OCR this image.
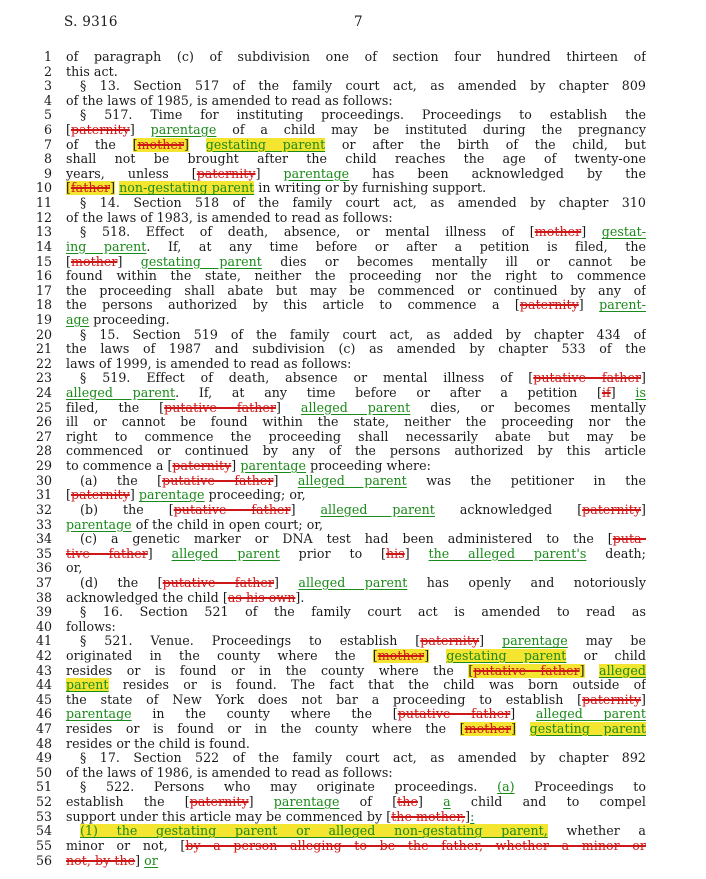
S. 9316	7
1 of paragraph (c) of subdivision one of section four hundred thirteen of
2 this act.
3	§ 13. Section 517 of the family court act, as amended by chapter 809
4 of the laws of 1985, is amended to read as follows:
5	§ 517. Time for instituting proceedings. Proceedings to establish the
6 [paternity] parentage of a child may be instituted during the pregnancy
7 of the [mother] gestating parent or after the birth of the child, but
8 shall not be brought after the child reaches the age of twenty-one
9 years, unless [paternity] parentage has been acknowledged by the
10 [father] non-gestating parent in writing or by furnishing support.
11	§ 14. Section 518 of the family court act, as amended by chapter 310
12 of the laws of 1983, is amended to read as follows:
13	§ 518. Effect of death, absence, or mental illness of [mother] gestat-
14 ing parent. If, at any time before or after a petition is filed, the
15 [mother] gestating parent dies or becomes mentally ill or cannot be
16 found within the state, neither the proceeding nor the right to commence
17 the proceeding shall abate but may be commenced or continued by any of
18 the persons authorized by this article to commence a [paternity] parent-
19 age proceeding.
20	§ 15. Section 519 of the family court act, as added by chapter 434 of
21 the laws of 1987 and subdivision (c) as amended by chapter 533 of the
22 laws of 1999, is amended to read as follows:
23	§ 519. Effect of death, absence or mental illness of [putative father]
24 alleged parent. If, at any time before or after a petition [if] is
25 filed, the [putative father] alleged parent dies, or becomes mentally
26 ill or cannot be found within the state, neither the proceeding nor the
27 right to commence the proceeding shall necessarily abate but may be
28 commenced or continued by any of the persons authorized by this article
29 to commence a [paternity] parentage proceeding where:
30	(a) the [putative father] alleged parent was the petitioner in the
31 [paternity] parentage proceeding; or,
32	(b) the [putative father] alleged parent acknowledged [paternity]
33 parentage of the child in open court; or,
34	(c) a genetic marker or DNA test had been administered to the [puta-
35 tive father] alleged parent prior to [his] the alleged parent's death;
36 or,
37	(d) the [putative father] alleged parent has openly and notoriously
38 acknowledged the child [as his own].
39	§ 16. Section 521 of the family court act is amended to read as
40 follows:
41	§ 521. Venue. Proceedings to establish [paternity] parentage may be
42 originated in the county where the [mother] gestating parent or child
43 resides or is found or in the county where the [putative father] alleged
44 parent resides or is found. The fact that the child was born outside of
45 the state of New York does not bar a proceeding to establish [paternity]
46 parentage in the county where the [putative father] alleged parent
47 resides or is found or in the county where the [mother] gestating parent
48 resides or the child is found.
49	§ 17. Section 522 of the family court act, as amended by chapter 892
50 of the laws of 1986, is amended to read as follows:
51	§ 522. Persons who may originate proceedings. (a) Proceedings to
52 establish the [paternity] parentage of [the] a child and to compel
53 support under this article may be commenced by [the mother,]:
54	(1) the gestating parent or alleged non-gestating parent, whether a
55 minor or not, [by a person alleging to be the father, whether a minor or
56 not, by the] or
